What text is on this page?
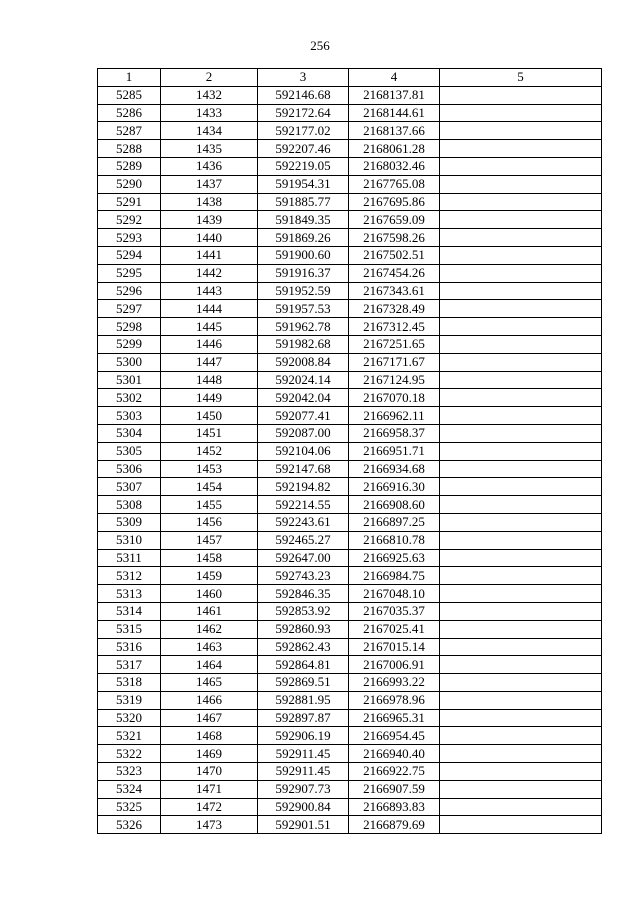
256
1	2	3	4	5
5285	1432	592146.68	2168137.81	
5286	1433	592172.64	2168144.61	
5287	1434	592177.02	2168137.66	
5288	1435	592207.46	2168061.28	
5289	1436	592219.05	2168032.46	
5290	1437	591954.31	2167765.08	
5291	1438	591885.77	2167695.86	
5292	1439	591849.35	2167659.09	
5293	1440	591869.26	2167598.26	
5294	1441	591900.60	2167502.51	
5295	1442	591916.37	2167454.26	
5296	1443	591952.59	2167343.61	
5297	1444	591957.53	2167328.49	
5298	1445	591962.78	2167312.45	
5299	1446	591982.68	2167251.65	
5300	1447	592008.84	2167171.67	
5301	1448	592024.14	2167124.95	
5302	1449	592042.04	2167070.18	
5303	1450	592077.41	2166962.11	
5304	1451	592087.00	2166958.37	
5305	1452	592104.06	2166951.71	
5306	1453	592147.68	2166934.68	
5307	1454	592194.82	2166916.30	
5308	1455	592214.55	2166908.60	
5309	1456	592243.61	2166897.25	
5310	1457	592465.27	2166810.78	
5311	1458	592647.00	2166925.63	
5312	1459	592743.23	2166984.75	
5313	1460	592846.35	2167048.10	
5314	1461	592853.92	2167035.37	
5315	1462	592860.93	2167025.41	
5316	1463	592862.43	2167015.14	
5317	1464	592864.81	2167006.91	
5318	1465	592869.51	2166993.22	
5319	1466	592881.95	2166978.96	
5320	1467	592897.87	2166965.31	
5321	1468	592906.19	2166954.45	
5322	1469	592911.45	2166940.40	
5323	1470	592911.45	2166922.75	
5324	1471	592907.73	2166907.59	
5325	1472	592900.84	2166893.83	
5326	1473	592901.51	2166879.69	
